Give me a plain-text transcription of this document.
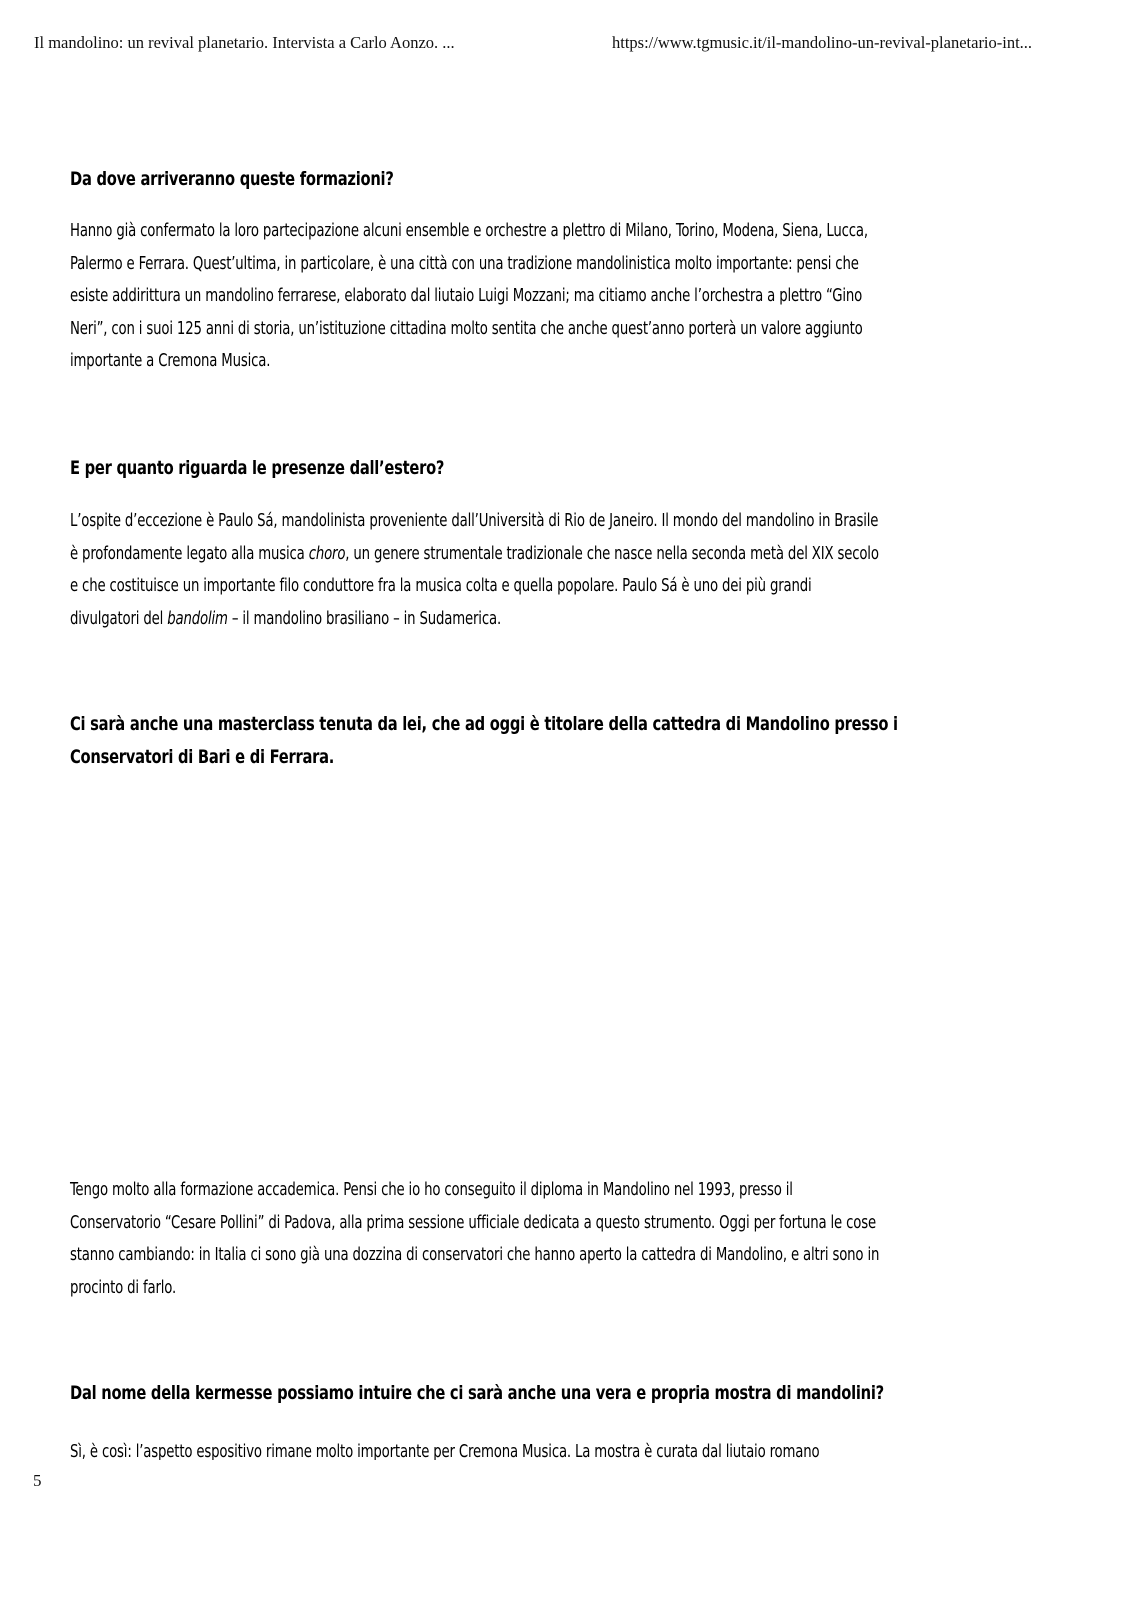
Il mandolino: un revival planetario. Intervista a Carlo Aonzo. ...	https://www.tgmusic.it/il-mandolino-un-revival-planetario-int...
Da dove arriveranno queste formazioni?
Hanno già confermato la loro partecipazione alcuni ensemble e orchestre a plettro di Milano, Torino, Modena, Siena, Lucca,
Palermo e Ferrara. Quest’ultima, in particolare, è una città con una tradizione mandolinistica molto importante: pensi che
esiste addirittura un mandolino ferrarese, elaborato dal liutaio Luigi Mozzani; ma citiamo anche l’orchestra a plettro “Gino
Neri”, con i suoi 125 anni di storia, un’istituzione cittadina molto sentita che anche quest’anno porterà un valore aggiunto
importante a Cremona Musica.
E per quanto riguarda le presenze dall’estero?
L’ospite d’eccezione è Paulo Sá, mandolinista proveniente dall’Università di Rio de Janeiro. Il mondo del mandolino in Brasile
è profondamente legato alla musica choro, un genere strumentale tradizionale che nasce nella seconda metà del XIX secolo
e che costituisce un importante filo conduttore fra la musica colta e quella popolare. Paulo Sá è uno dei più grandi
divulgatori del bandolim – il mandolino brasiliano – in Sudamerica.
Ci sarà anche una masterclass tenuta da lei, che ad oggi è titolare della cattedra di Mandolino presso i
Conservatori di Bari e di Ferrara.
Tengo molto alla formazione accademica. Pensi che io ho conseguito il diploma in Mandolino nel 1993, presso il
Conservatorio “Cesare Pollini” di Padova, alla prima sessione ufficiale dedicata a questo strumento. Oggi per fortuna le cose
stanno cambiando: in Italia ci sono già una dozzina di conservatori che hanno aperto la cattedra di Mandolino, e altri sono in
procinto di farlo.
Dal nome della kermesse possiamo intuire che ci sarà anche una vera e propria mostra di mandolini?
Sì, è così: l’aspetto espositivo rimane molto importante per Cremona Musica. La mostra è curata dal liutaio romano
5
